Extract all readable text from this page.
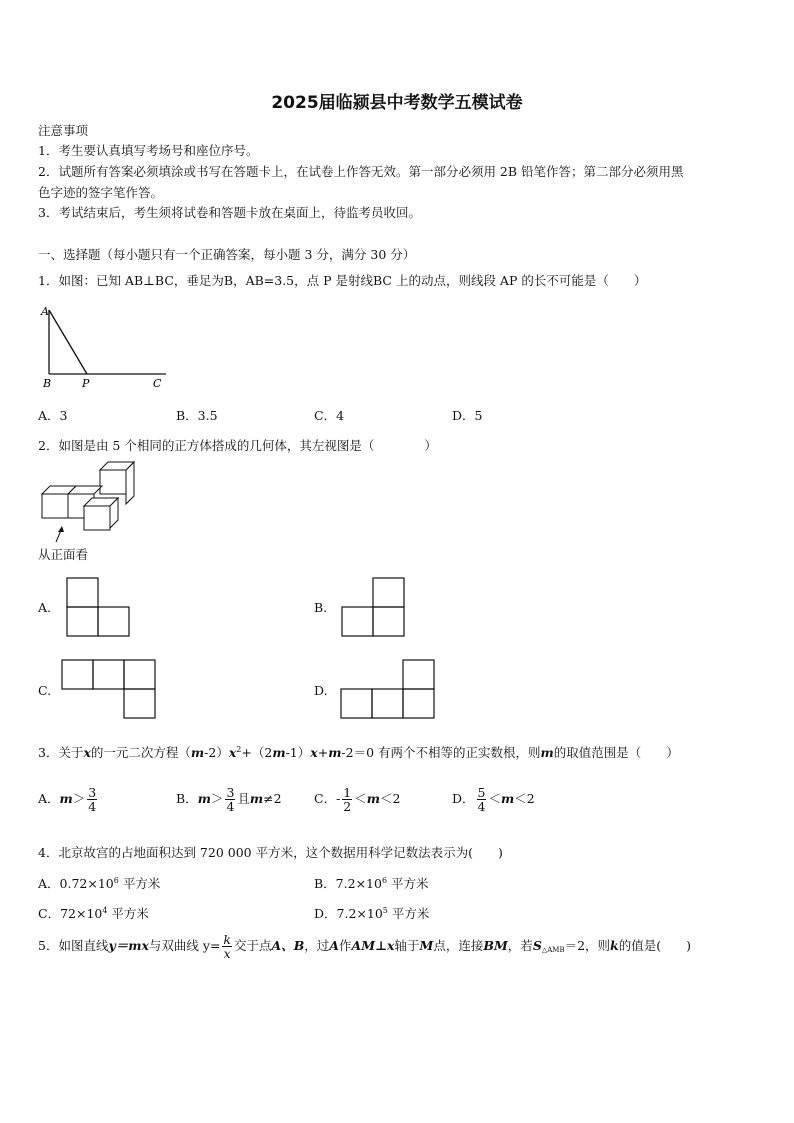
2025届临颍县中考数学五模试卷
注意事项
1．考生要认真填写考场号和座位序号。
2．试题所有答案必须填涂或书写在答题卡上，在试卷上作答无效。第一部分必须用 2B 铅笔作答；第二部分必须用黑
色字迹的签字笔作答。
3．考试结束后，考生须将试卷和答题卡放在桌面上，待监考员收回。
一、选择题（每小题只有一个正确答案，每小题 3 分，满分 30 分）
1．如图：已知 AB⊥BC，垂足为B，AB=3.5，点 P 是射线BC 上的动点，则线段 AP 的长不可能是（　　）
A
B	P	C
A．3	B．3.5	C．4	D．5
2．如图是由 5 个相同的正方体搭成的几何体，其左视图是（　　　　）
从正面看
A.	B.
C.	D.
3．关于x的一元二次方程$(m-2)x^2+(2m-1)x+m-2=0$ 有两个不相等的正实数根，则m的取值范围是（　　）
A．$m> \frac{3}{4}$	B．$m> \frac{3}{4}$ 且m≠2	C．- $\frac{1}{2} <m<2$	D． $\frac{5}{4} <m<2$
4．北京故宫的占地面积达到 720 000 平方米，这个数据用科学记数法表示为(　　)
A．$0.72\times 10^6$ 平方米	B．$7.2\times 10^6$ 平方米
C．$72\times 10^4$ 平方米	D．$7.2\times 10^5$ 平方米
5．如图直线y＝mx与双曲线 $y= \frac{k}{x}$ 交于点A、B，过A作AM⊥x轴于M点，连接BM，若$S_{\triangle AMB}=2$，则k的值是(　　)
